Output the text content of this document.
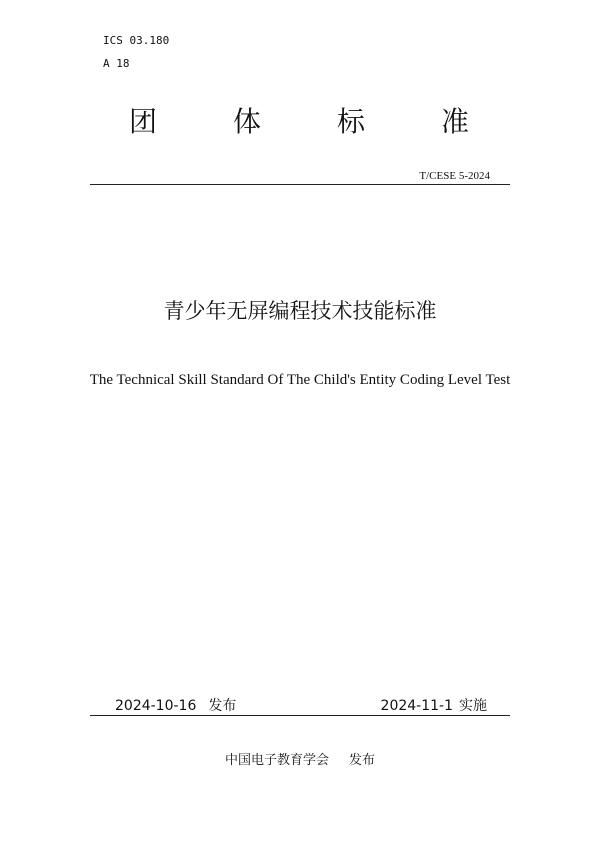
ICS 03.180
A 18
团	体	标	准
T/CESE 5-2024
青少年无屏编程技术技能标准
The Technical Skill Standard Of The Child's Entity Coding Level Test
2024-10-16 发布	2024-11-1 实施
中国电子教育学会 发布
